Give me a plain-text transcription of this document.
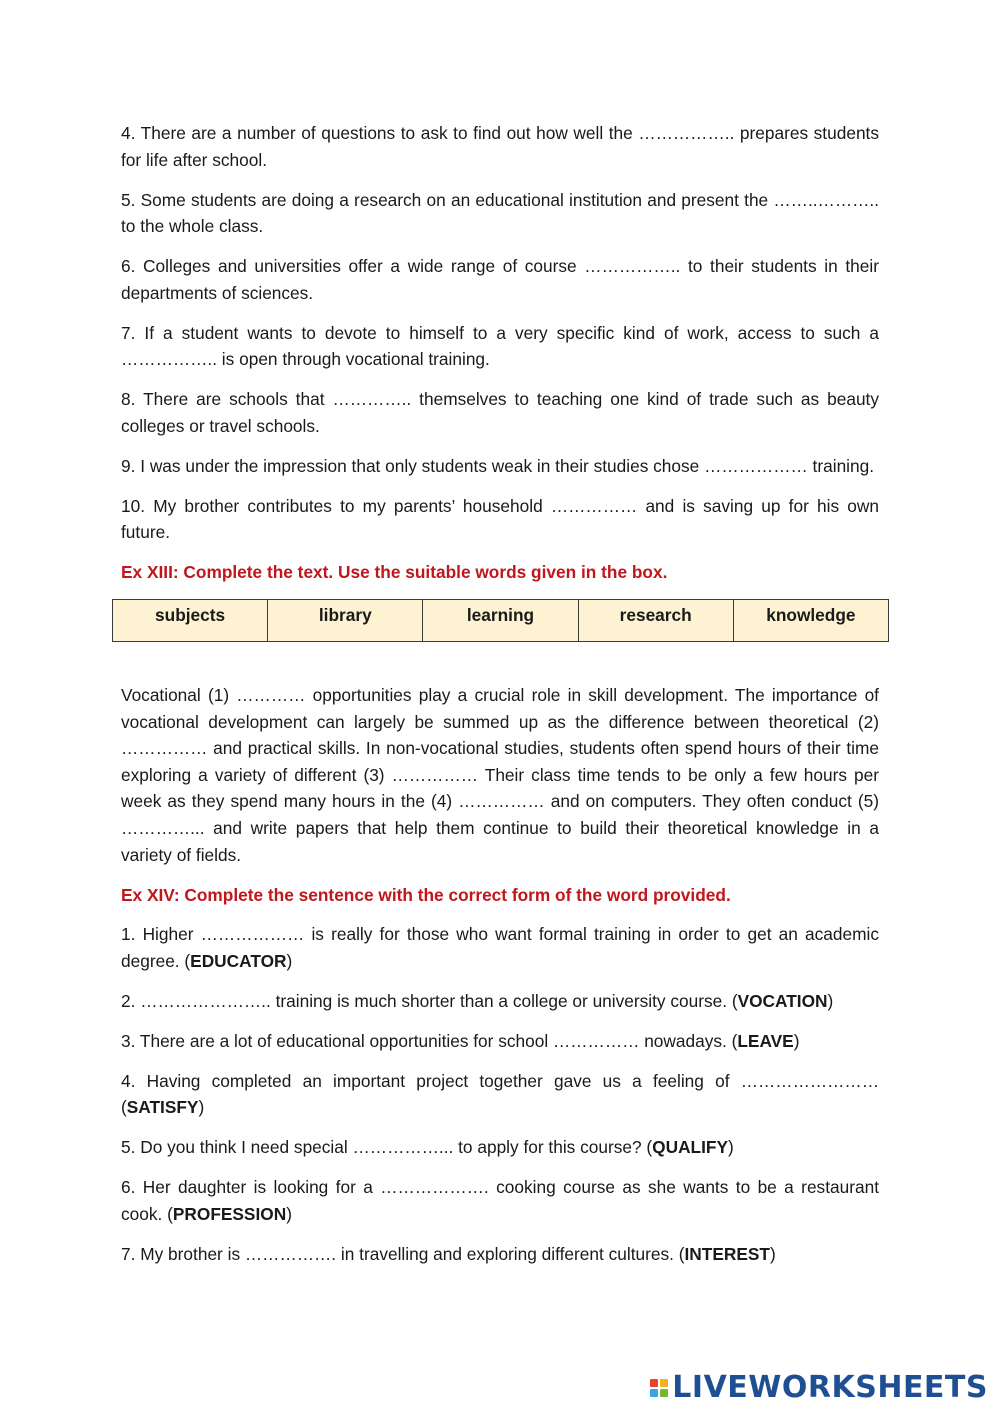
4. There are a number of questions to ask to find out how well the …………….. prepares students for life after school.

5. Some students are doing a research on an educational institution and present the ……..……….. to the whole class.

6. Colleges and universities offer a wide range of course …………….. to their students in their departments of sciences.

7. If a student wants to devote to himself to a very specific kind of work, access to such a …………….. is open through vocational training.

8. There are schools that ………….. themselves to teaching one kind of trade such as beauty colleges or travel schools.

9. I was under the impression that only students weak in their studies chose ……………… training.

10. My brother contributes to my parents’ household …………… and is saving up for his own future.

Ex XIII: Complete the text. Use the suitable words given in the box.

subjects	library	learning	research	knowledge

Vocational (1) ………… opportunities play a crucial role in skill development. The importance of vocational development can largely be summed up as the difference between theoretical (2) …………… and practical skills. In non-vocational studies, students often spend hours of their time exploring a variety of different (3) …………… Their class time tends to be only a few hours per week as they spend many hours in the (4) …………… and on computers. They often conduct (5) …………... and write papers that help them continue to build their theoretical knowledge in a variety of fields.

Ex XIV: Complete the sentence with the correct form of the word provided.

1. Higher ……………… is really for those who want formal training in order to get an academic degree. (EDUCATOR)

2. ………………….. training is much shorter than a college or university course. (VOCATION)

3. There are a lot of educational opportunities for school …………… nowadays. (LEAVE)

4. Having completed an important project together gave us a feeling of …………………… (SATISFY)

5. Do you think I need special ……………... to apply for this course? (QUALIFY)

6. Her daughter is looking for a ………………. cooking course as she wants to be a restaurant cook. (PROFESSION)

7. My brother is ……………. in travelling and exploring different cultures. (INTEREST)

LIVEWORKSHEETS
